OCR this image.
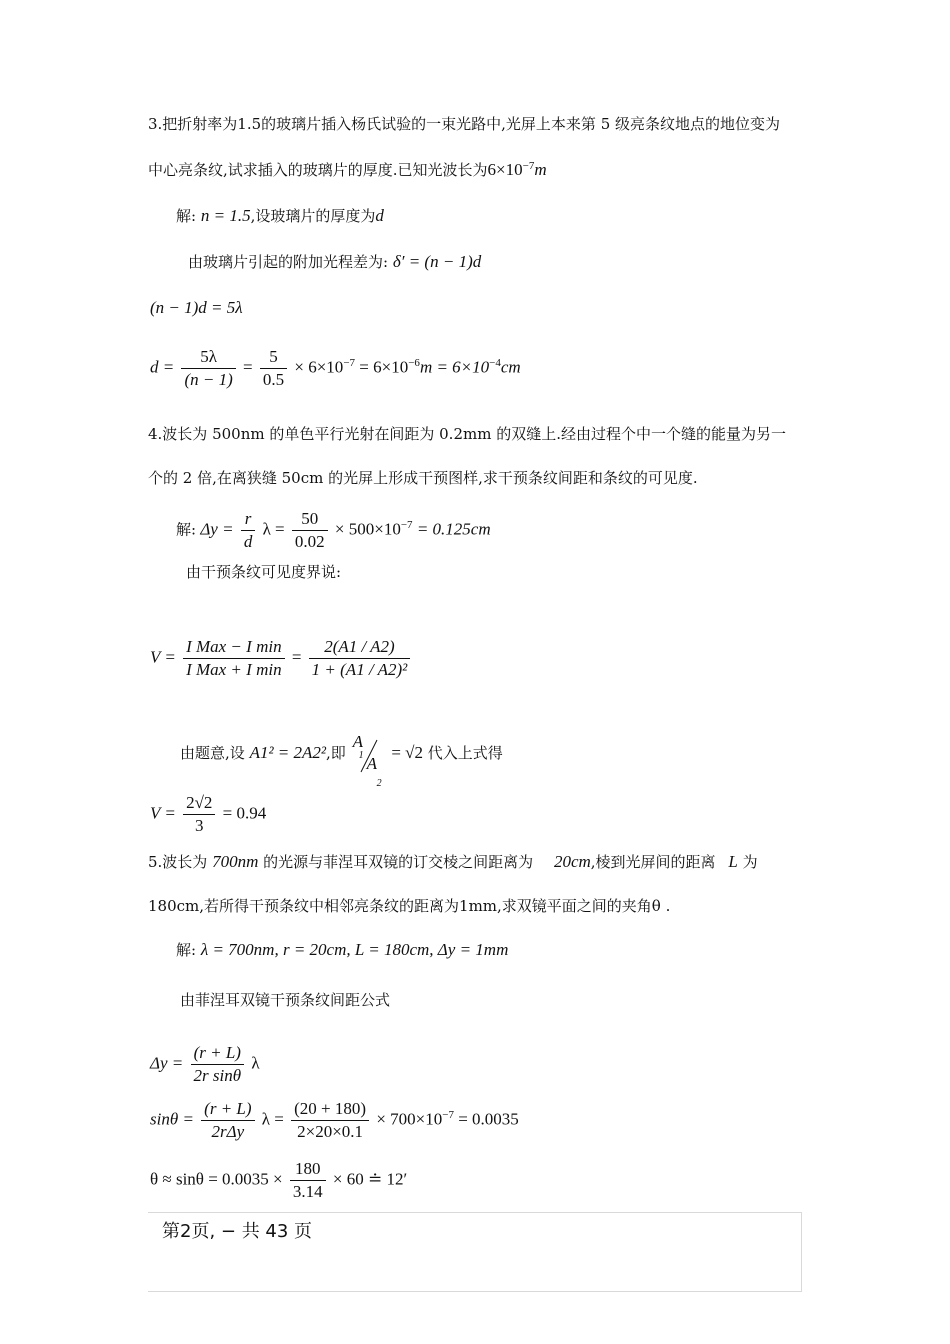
3.把折射率为1.5的玻璃片插入杨氏试验的一束光路中,光屏上本来第 5 级亮条纹地点的地位变为
中心亮条纹,试求插入的玻璃片的厚度.已知光波长为$6\times 10^{-7}m$
解: n = 1.5,设玻璃片的厚度为d
由玻璃片引起的附加光程差为: δ′ = (n − 1)d
(n − 1)d = 5λ
$d = \frac{5\lambda}{(n - 1)} = \frac{5}{0.5} \times 6\times 10^{-7} = 6\times 10^{-6}m = 6\times 10^{-4}cm$
4.波长为 500nm 的单色平行光射在间距为 0.2mm 的双缝上.经由过程个中一个缝的能量为另一
个的 2 倍,在离狭缝 50cm 的光屏上形成干预图样,求干预条纹间距和条纹的可见度.
解: $\Delta y = \frac{r}{d}$ $\lambda = \frac{50}{0.02} \times 500\times 10^{-7} = 0.125cm$
由干预条纹可见度界说:
$V = \frac{\text{I Max − I min}}{\text{I Max + I min}} = \frac{2(A1 / A2)}{\text{1 + (A1 / A2)²}}$
由题意,设 A1² = 2A2²,即
A
1 A
2
= √2 代入上式得
$V = \frac{2√2}{3} = 0.94$
5.波长为 700nm 的光源与菲涅耳双镜的订交棱之间距离为 20cm,棱到光屏间的距离 L 为
180cm,若所得干预条纹中相邻亮条纹的距离为1mm,求双镜平面之间的夹角θ .
解: λ = 700nm, r = 20cm, L = 180cm, Δy = 1mm
由菲涅耳双镜干预条纹间距公式
$\Delta y = \frac{(r + L)}{\text{2r sinθ}}$ λ
$\sin\theta = \frac{(r + L)}{\text{2rΔy}}$ $\lambda = \frac{(20 + 180)}{2\times 20\times 0.1} \times 700\times 10^{-7} = 0.0035$
$\theta \approx \sin\theta = 0.0035 \times \frac{180}{3.14} \times 60$ ≐ 12′
第2页, − 共 43 页
